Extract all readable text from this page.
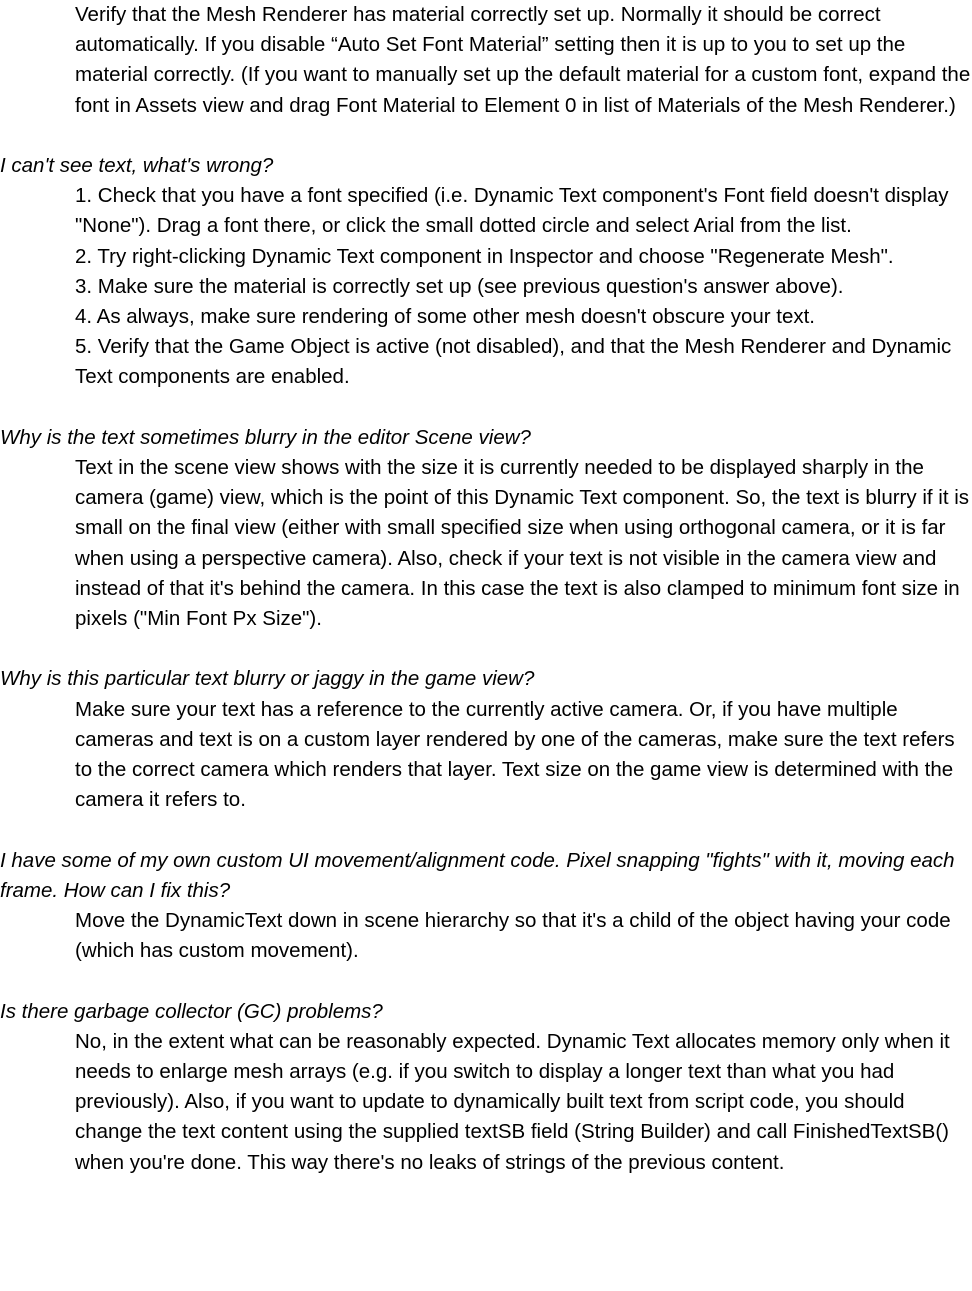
Verify that the Mesh Renderer has material correctly set up. Normally it should be correct automatically. If you disable “Auto Set Font Material” setting then it is up to you to set up the material correctly. (If you want to manually set up the default material for a custom font, expand the font in Assets view and drag Font Material to Element 0 in list of Materials of the Mesh Renderer.)

I can't see text, what's wrong?

1. Check that you have a font specified (i.e. Dynamic Text component's Font field doesn't display "None"). Drag a font there, or click the small dotted circle and select Arial from the list.

2. Try right-clicking Dynamic Text component in Inspector and choose "Regenerate Mesh".

3. Make sure the material is correctly set up (see previous question's answer above).

4. As always, make sure rendering of some other mesh doesn't obscure your text.

5. Verify that the Game Object is active (not disabled), and that the Mesh Renderer and Dynamic Text components are enabled.

Why is the text sometimes blurry in the editor Scene view?

Text in the scene view shows with the size it is currently needed to be displayed sharply in the camera (game) view, which is the point of this Dynamic Text component. So, the text is blurry if it is small on the final view (either with small specified size when using orthogonal camera, or it is far when using a perspective camera). Also, check if your text is not visible in the camera view and instead of that it's behind the camera. In this case the text is also clamped to minimum font size in pixels ("Min Font Px Size").

Why is this particular text blurry or jaggy in the game view?

Make sure your text has a reference to the currently active camera. Or, if you have multiple cameras and text is on a custom layer rendered by one of the cameras, make sure the text refers to the correct camera which renders that layer. Text size on the game view is determined with the camera it refers to.

I have some of my own custom UI movement/alignment code. Pixel snapping "fights" with it, moving each frame. How can I fix this?

Move the DynamicText down in scene hierarchy so that it's a child of the object having your code (which has custom movement).

Is there garbage collector (GC) problems?

No, in the extent what can be reasonably expected. Dynamic Text allocates memory only when it needs to enlarge mesh arrays (e.g. if you switch to display a longer text than what you had previously). Also, if you want to update to dynamically built text from script code, you should change the text content using the supplied textSB field (String Builder) and call FinishedTextSB() when you're done. This way there's no leaks of strings of the previous content.
